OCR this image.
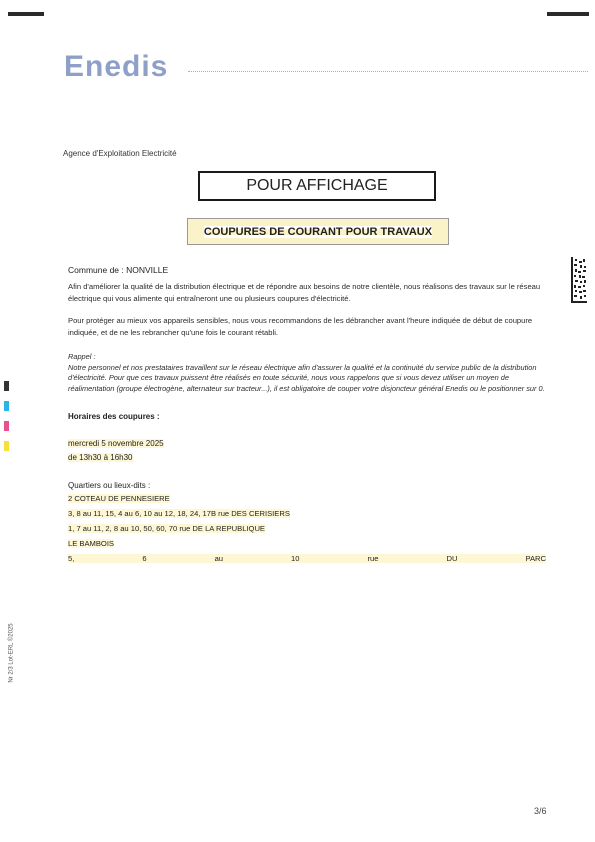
Enedis
Agence d'Exploitation Electricité
POUR AFFICHAGE
COUPURES DE COURANT POUR TRAVAUX
Commune de : NONVILLE
Afin d'améliorer la qualité de la distribution électrique et de répondre aux besoins de notre clientèle, nous réalisons des travaux sur le réseau électrique qui vous alimente qui entraîneront une ou plusieurs coupures d'électricité.
Pour protéger au mieux vos appareils sensibles, nous vous recommandons de les débrancher avant l'heure indiquée de début de coupure indiquée, et de ne les rebrancher qu'une fois le courant rétabli.
Rappel :
Notre personnel et nos prestataires travaillent sur le réseau électrique afin d'assurer la qualité et la continuité du service public de la distribution d'électricité. Pour que ces travaux puissent être réalisés en toute sécurité, nous vous rappelons que si vous devez utiliser un moyen de réalimentation (groupe électrogène, alternateur sur tracteur...), il est obligatoire de couper votre disjoncteur général Enedis ou le positionner sur 0.
Horaires des coupures :
mercredi 5 novembre 2025
de 13h30 à 16h30
Quartiers ou lieux-dits :
2 COTEAU DE PENNESIERE
3, 8 au 11, 15, 4 au 6, 10 au 12, 18, 24, 17B rue DES CERISIERS
1, 7 au 11, 2, 8 au 10, 50, 60, 70 rue DE LA REPUBLIQUE
LE BAMBOIS
5,	6	au	10	rue	DU	PARC
Nr 2/3 Lot-ERL ©2025
3/6
